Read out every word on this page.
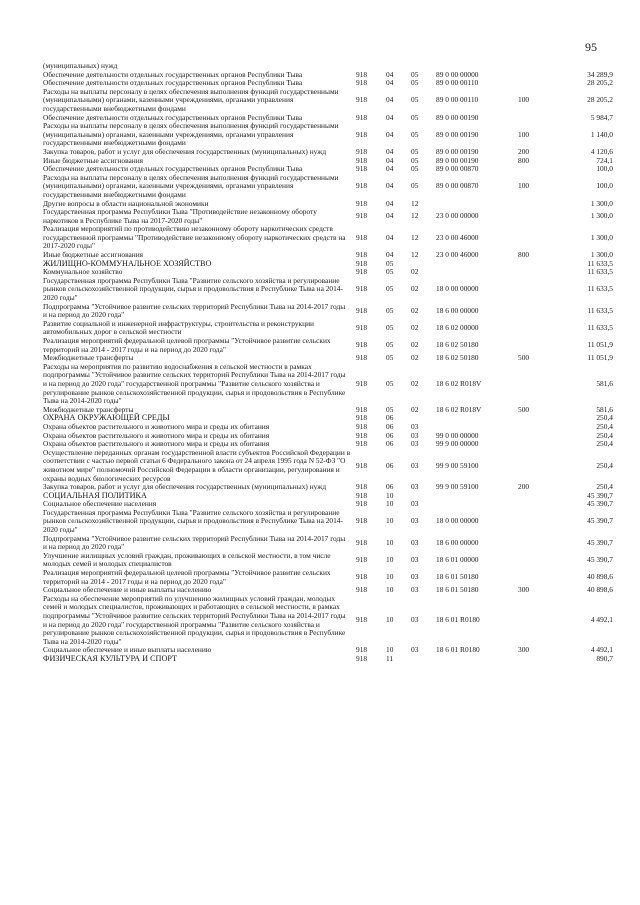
95
(муниципальных) нужд						
Обеспечение деятельности отдельных государственных органов Республики Тыва	918	04	05	89 0 00 00000		34 289,9
Обеспечение деятельности отдельных государственных органов Республики Тыва	918	04	05	89 0 00 00110		28 205,2
Расходы на выплаты персоналу в целях обеспечения выполнения функций государственными (муниципальными) органами, казенными учреждениями, органами управления государственными внебюджетными фондами	918	04	05	89 0 00 00110	100	28 205,2
Обеспечение деятельности отдельных государственных органов Республики Тыва	918	04	05	89 0 00 00190		5 984,7
Расходы на выплаты персоналу в целях обеспечения выполнения функций государственными (муниципальными) органами, казенными учреждениями, органами управления государственными внебюджетными фондами	918	04	05	89 0 00 00190	100	1 140,0
Закупка товаров, работ и услуг для обеспечения государственных (муниципальных) нужд	918	04	05	89 0 00 00190	200	4 120,6
Иные бюджетные ассигнования	918	04	05	89 0 00 00190	800	724,1
Обеспечение деятельности отдельных государственных органов Республики Тыва	918	04	05	89 0 00 00870		100,0
Расходы на выплаты персоналу в целях обеспечения выполнения функций государственными (муниципальными) органами, казенными учреждениями, органами управления государственными внебюджетными фондами	918	04	05	89 0 00 00870	100	100,0
Другие вопросы в области национальной экономики	918	04	12			1 300,0
Государственная программа Республики Тыва "Противодействие незаконному обороту наркотиков в Республике Тыва на 2017-2020 годы"	918	04	12	23 0 00 00000		1 300,0
Реализация мероприятий по противодействию незаконному обороту наркотических средств государственной программы "Противодействие незаконному обороту наркотических средств на 2017-2020 годы"	918	04	12	23 0 00 46000		1 300,0
Иные бюджетные ассигнования	918	04	12	23 0 00 46000	800	1 300,0
ЖИЛИЩНО-КОММУНАЛЬНОЕ ХОЗЯЙСТВО	918	05				11 633,5
Коммунальное хозяйство	918	05	02			11 633,5
Государственная программа Республики Тыва "Развитие сельского хозяйства и регулирование рынков сельскохозяйственной продукции, сырья и продовольствия в Республике Тыва на 2014-2020 годы"	918	05	02	18 0 00 00000		11 633,5
Подпрограмма "Устойчивое развитие сельских территорий Республики Тыва на 2014-2017 годы и на период до 2020 года"	918	05	02	18 6 00 00000		11 633,5
Развитие социальной и инженерной инфраструктуры, строительства и реконструкции автомобильных дорог в сельской местности	918	05	02	18 6 02 00000		11 633,5
Реализация мероприятий федеральной целевой программы "Устойчивое развитие сельских территорий на 2014 - 2017 годы и на период до 2020 года"	918	05	02	18 6 02 50180		11 051,9
Межбюджетные трансферты	918	05	02	18 6 02 50180	500	11 051,9
Расходы на мероприятия по развитию водоснабжения в сельской местности в рамках подпрограммы "Устойчивое развитие сельских территорий Республики Тыва на 2014-2017 годы и на период до 2020 года" государственной программы "Развитие сельского хозяйства и регулирование рынков сельскохозяйственной продукции, сырья и продовольствия в Республике Тыва на 2014-2020 годы"	918	05	02	18 6 02 R018V		581,6
Межбюджетные трансферты	918	05	02	18 6 02 R018V	500	581,6
ОХРАНА ОКРУЖАЮЩЕЙ СРЕДЫ	918	06				250,4
Охрана объектов растительного и животного мира и среды их обитания	918	06	03			250,4
Охрана объектов растительного и животного мира и среды их обитания	918	06	03	99 0 00 00000		250,4
Охрана объектов растительного и животного мира и среды их обитания	918	06	03	99 9 00 00000		250,4
Осуществление переданных органам государственной власти субъектов Российской Федерации в соответствии с частью первой статьи 6 Федерального закона от 24 апреля 1995 года N 52-ФЗ "О животном мире" полномочий Российской Федерации в области организации, регулирования и охраны водных биологических ресурсов	918	06	03	99 9 00 59100		250,4
Закупка товаров, работ и услуг для обеспечения государственных (муниципальных) нужд	918	06	03	99 9 00 59100	200	250,4
СОЦИАЛЬНАЯ ПОЛИТИКА	918	10				45 390,7
Социальное обеспечение населения	918	10	03			45 390,7
Государственная программа Республики Тыва "Развитие сельского хозяйства и регулирование рынков сельскохозяйственной продукции, сырья и продовольствия в Республике Тыва на 2014-2020 годы"	918	10	03	18 0 00 00000		45 390,7
Подпрограмма "Устойчивое развитие сельских территорий Республики Тыва на 2014-2017 годы и на период до 2020 года"	918	10	03	18 6 00 00000		45 390,7
Улучшение жилищных условий граждан, проживающих в сельской местности, в том числе молодых семей и молодых специалистов	918	10	03	18 6 01 00000		45 390,7
Реализация мероприятий федеральной целевой программы "Устойчивое развитие сельских территорий на 2014 - 2017 годы и на период до 2020 года"	918	10	03	18 6 01 50180		40 898,6
Социальное обеспечение и иные выплаты населению	918	10	03	18 6 01 50180	300	40 898,6
Расходы на обеспечение мероприятий по улучшению жилищных условий граждан, молодых семей и молодых специалистов, проживающих и работающих в сельской местности, в рамках подпрограммы "Устойчивое развитие сельских территорий Республики Тыва на 2014-2017 годы и на период до 2020 года" государственной программы "Развитие сельского хозяйства и регулирование рынков сельскохозяйственной продукции, сырья и продовольствия в Республике Тыва на 2014-2020 годы"	918	10	03	18 6 01 R0180		4 492,1
Социальное обеспечение и иные выплаты населению	918	10	03	18 6 01 R0180	300	4 492,1
ФИЗИЧЕСКАЯ КУЛЬТУРА И СПОРТ	918	11				890,7
